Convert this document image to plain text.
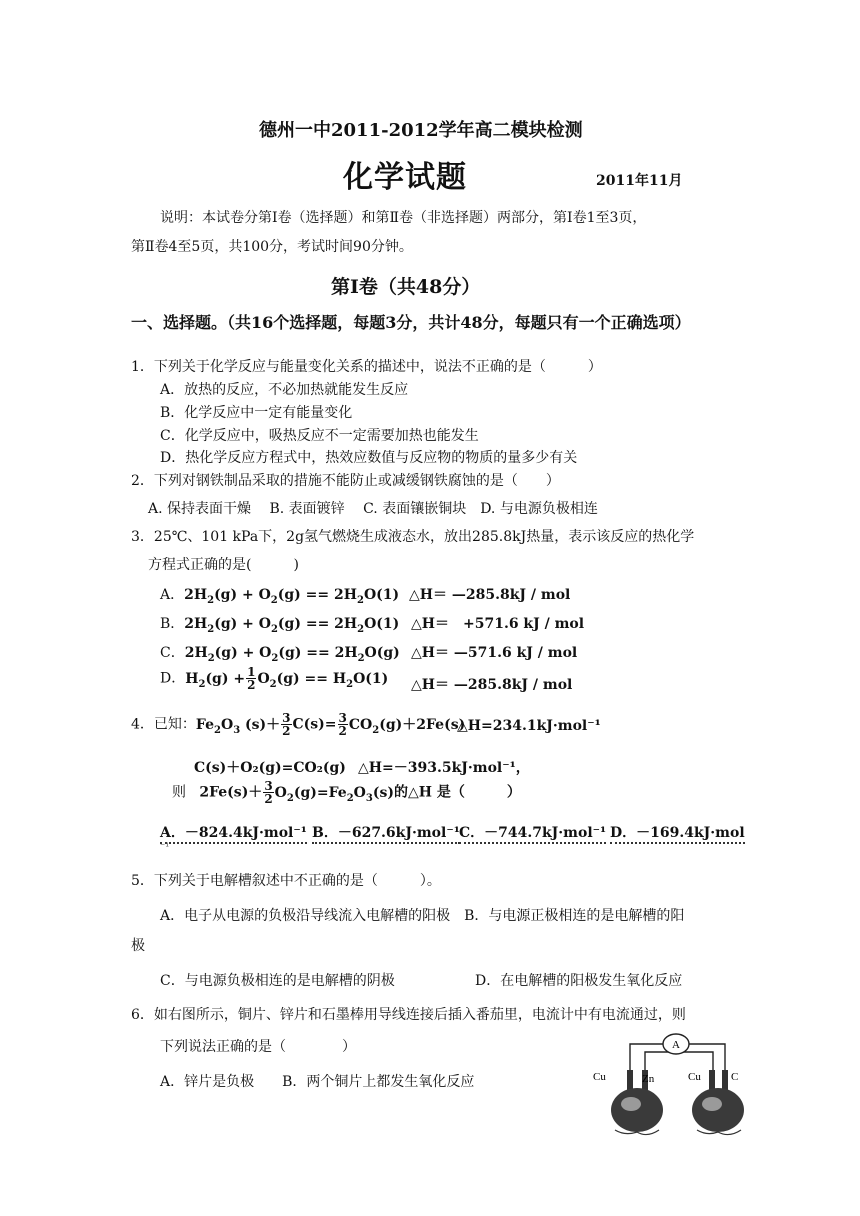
德州一中2011-2012学年高二模块检测
化学试题	2011年11月
说明：本试卷分第Ⅰ卷（选择题）和第Ⅱ卷（非选择题）两部分，第Ⅰ卷1至3页，
第Ⅱ卷4至5页，共100分，考试时间90分钟。
第Ⅰ卷（共48分）
一、选择题。（共16个选择题，每题3分，共计48分，每题只有一个正确选项）
1．下列关于化学反应与能量变化关系的描述中，说法不正确的是（　　　）
A．放热的反应，不必加热就能发生反应
B．化学反应中一定有能量变化
C．化学反应中，吸热反应不一定需要加热也能发生
D．热化学反应方程式中，热效应数值与反应物的物质的量多少有关
2．下列对钢铁制品采取的措施不能防止或减缓钢铁腐蚀的是（　　）
A. 保持表面干燥　 B. 表面镀锌　 C. 表面镶嵌铜块　D. 与电源负极相连
3．25℃、101 kPa下，2g氢气燃烧生成液态水，放出285.8kJ热量，表示该反应的热化学
方程式正确的是(　　　)
A．$2H_2(g) + O_2(g) == 2H_2O(1)$ △H＝ —285.8kJ / mol
B．$2H_2(g) + O_2(g) == 2H_2O(1)$ △H＝　+571.6 kJ / mol
C．$2H_2(g) + O_2(g) == 2H_2O(g)$ △H＝ —571.6 kJ / mol
D．$H_2(g) + \frac{1}{2} O_2(g) == H_2O(1)$ △H＝ —285.8kJ / mol
4．已知：$Fe_2O_3$ $(s)+ \frac{3}{2} C(s)= \frac{3}{2} CO_2(g)+2Fe(s)$
△H=234.1kJ·mol⁻¹
C(s)＋O₂(g)=CO₂(g) △H=－393.5kJ·mol⁻¹，
则 $2Fe(s)+ \frac{3}{2} O_2(g)=Fe_2O_3(s)$的△H 是（　　　）
A．－824.4kJ·mol⁻¹ B．－627.6kJ·mol⁻¹ C．－744.7kJ·mol⁻¹ D．－169.4kJ·mol
⁻¹
5．下列关于电解槽叙述中不正确的是（　　　）。
A．电子从电源的负极沿导线流入电解槽的阳极　B．与电源正极相连的是电解槽的阳
极
C．与电源负极相连的是电解槽的阴极	D．在电解槽的阳极发生氧化反应
6．如右图所示，铜片、锌片和石墨棒用导线连接后插入番茄里，电流计中有电流通过，则
下列说法正确的是（　　　　）
A．锌片是负极　　B．两个铜片上都发生氧化反应
A
Cu	Zn	Cu	C
